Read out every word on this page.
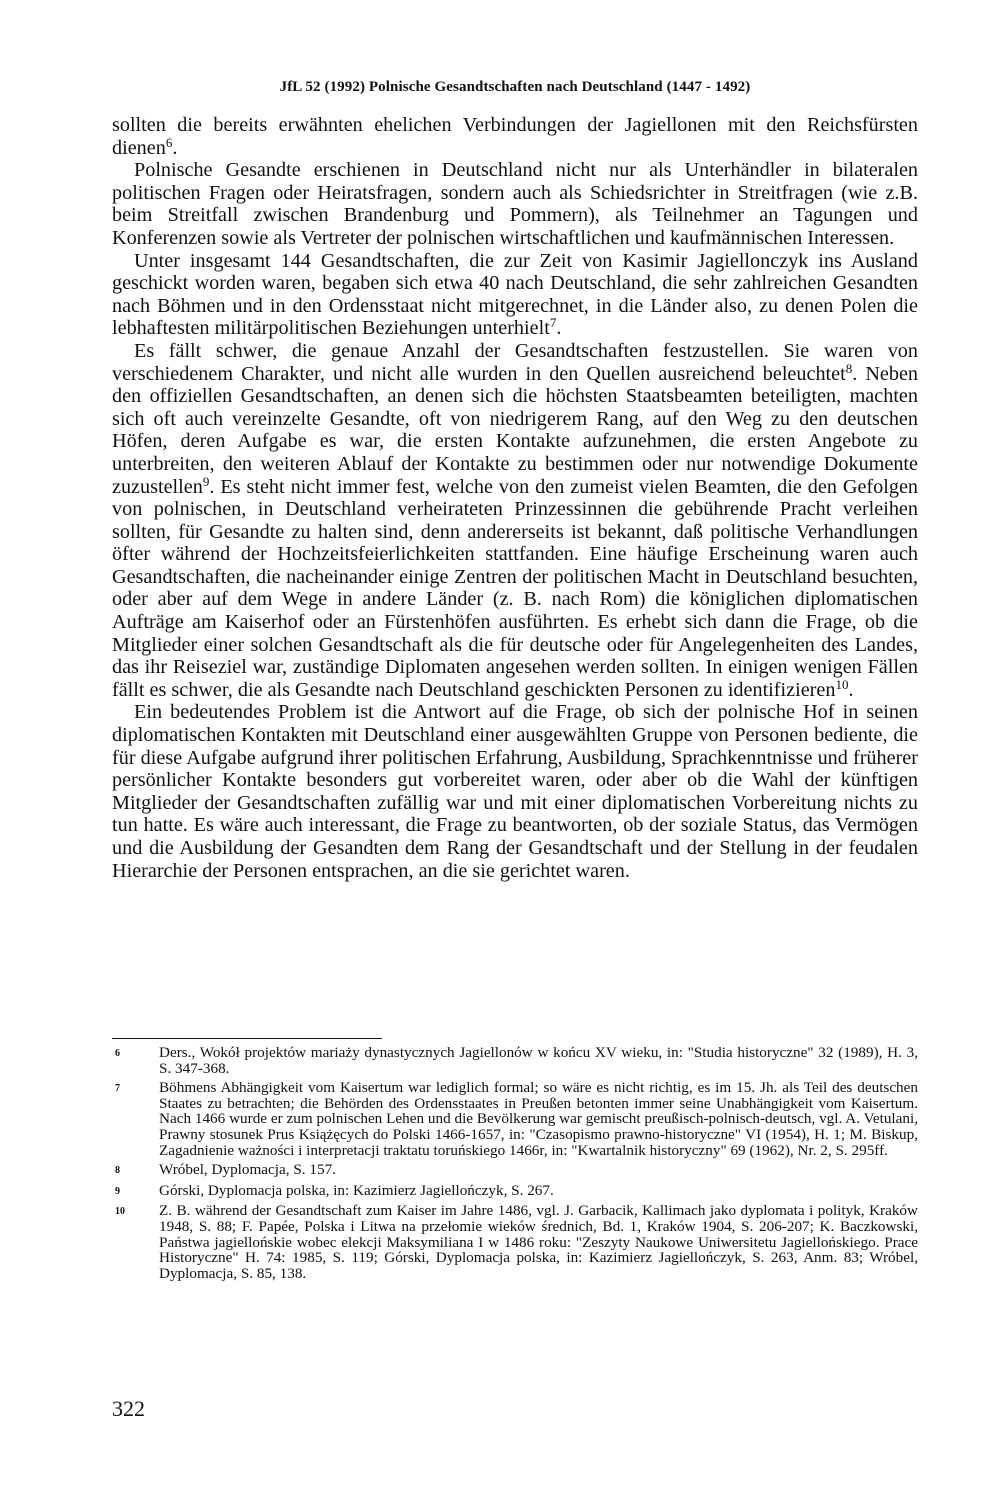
JfL 52 (1992) Polnische Gesandtschaften nach Deutschland (1447 - 1492)

sollten die bereits erwähnten ehelichen Verbindungen der Jagiellonen mit den Reichsfürsten dienen$^6$.

Polnische Gesandte erschienen in Deutschland nicht nur als Unterhändler in bilateralen politischen Fragen oder Heiratsfragen, sondern auch als Schiedsrichter in Streitfragen (wie z.B. beim Streitfall zwischen Brandenburg und Pommern), als Teilnehmer an Tagungen und Konferenzen sowie als Vertreter der polnischen wirtschaftlichen und kaufmännischen Interessen.

Unter insgesamt 144 Gesandtschaften, die zur Zeit von Kasimir Jagiellonczyk ins Ausland geschickt worden waren, begaben sich etwa 40 nach Deutschland, die sehr zahlreichen Gesandten nach Böhmen und in den Ordensstaat nicht mitgerechnet, in die Länder also, zu denen Polen die lebhaftesten militärpolitischen Beziehungen unterhielt$^7$.

Es fällt schwer, die genaue Anzahl der Gesandtschaften festzustellen. Sie waren von verschiedenem Charakter, und nicht alle wurden in den Quellen ausreichend beleuchtet$^8$. Neben den offiziellen Gesandtschaften, an denen sich die höchsten Staatsbeamten beteiligten, machten sich oft auch vereinzelte Gesandte, oft von niedrigerem Rang, auf den Weg zu den deutschen Höfen, deren Aufgabe es war, die ersten Kontakte aufzunehmen, die ersten Angebote zu unterbreiten, den weiteren Ablauf der Kontakte zu bestimmen oder nur notwendige Dokumente zuzustellen$^9$. Es steht nicht immer fest, welche von den zumeist vielen Beamten, die den Gefolgen von polnischen, in Deutschland verheirateten Prinzessinnen die gebührende Pracht verleihen sollten, für Gesandte zu halten sind, denn andererseits ist bekannt, daß politische Verhandlungen öfter während der Hochzeitsfeierlichkeiten stattfanden. Eine häufige Erscheinung waren auch Gesandtschaften, die nacheinander einige Zentren der politischen Macht in Deutschland besuchten, oder aber auf dem Wege in andere Länder (z. B. nach Rom) die königlichen diplomatischen Aufträge am Kaiserhof oder an Fürstenhöfen ausführten. Es erhebt sich dann die Frage, ob die Mitglieder einer solchen Gesandtschaft als die für deutsche oder für Angelegenheiten des Landes, das ihr Reiseziel war, zuständige Diplomaten angesehen werden sollten. In einigen wenigen Fällen fällt es schwer, die als Gesandte nach Deutschland geschickten Personen zu identifizieren$^{10}$.

Ein bedeutendes Problem ist die Antwort auf die Frage, ob sich der polnische Hof in seinen diplomatischen Kontakten mit Deutschland einer ausgewählten Gruppe von Personen bediente, die für diese Aufgabe aufgrund ihrer politischen Erfahrung, Ausbildung, Sprachkenntnisse und früherer persönlicher Kontakte besonders gut vorbereitet waren, oder aber ob die Wahl der künftigen Mitglieder der Gesandtschaften zufällig war und mit einer diplomatischen Vorbereitung nichts zu tun hatte. Es wäre auch interessant, die Frage zu beantworten, ob der soziale Status, das Vermögen und die Ausbildung der Gesandten dem Rang der Gesandtschaft und der Stellung in der feudalen Hierarchie der Personen entsprachen, an die sie gerichtet waren.

6	Ders., Wokół projektów mariaży dynastycznych Jagiellonów w końcu XV wieku, in: "Studia historyczne" 32 (1989), H. 3, S. 347-368.
7	Böhmens Abhängigkeit vom Kaisertum war lediglich formal; so wäre es nicht richtig, es im 15. Jh. als Teil des deutschen Staates zu betrachten; die Behörden des Ordensstaates in Preußen betonten immer seine Unabhängigkeit vom Kaisertum. Nach 1466 wurde er zum polnischen Lehen und die Bevölkerung war gemischt preußisch-polnisch-deutsch, vgl. A. Vetulani, Prawny stosunek Prus Książęcych do Polski 1466-1657, in: "Czasopismo prawno-historyczne" VI (1954), H. 1; M. Biskup, Zagadnienie ważności i interpretacji traktatu toruńskiego 1466r, in: "Kwartalnik historyczny" 69 (1962), Nr. 2, S. 295ff.
8	Wróbel, Dyplomacja, S. 157.
9	Górski, Dyplomacja polska, in: Kazimierz Jagiellończyk, S. 267.
10	Z. B. während der Gesandtschaft zum Kaiser im Jahre 1486, vgl. J. Garbacik, Kallimach jako dyplomata i polityk, Kraków 1948, S. 88; F. Papée, Polska i Litwa na przełomie wieków średnich, Bd. 1, Kraków 1904, S. 206-207; K. Baczkowski, Państwa jagiellońskie wobec elekcji Maksymiliana I w 1486 roku: "Zeszyty Naukowe Uniwersitetu Jagiellońskiego. Prace Historyczne" H. 74: 1985, S. 119; Górski, Dyplomacja polska, in: Kazimierz Jagiellończyk, S. 263, Anm. 83; Wróbel, Dyplomacja, S. 85, 138.
322
